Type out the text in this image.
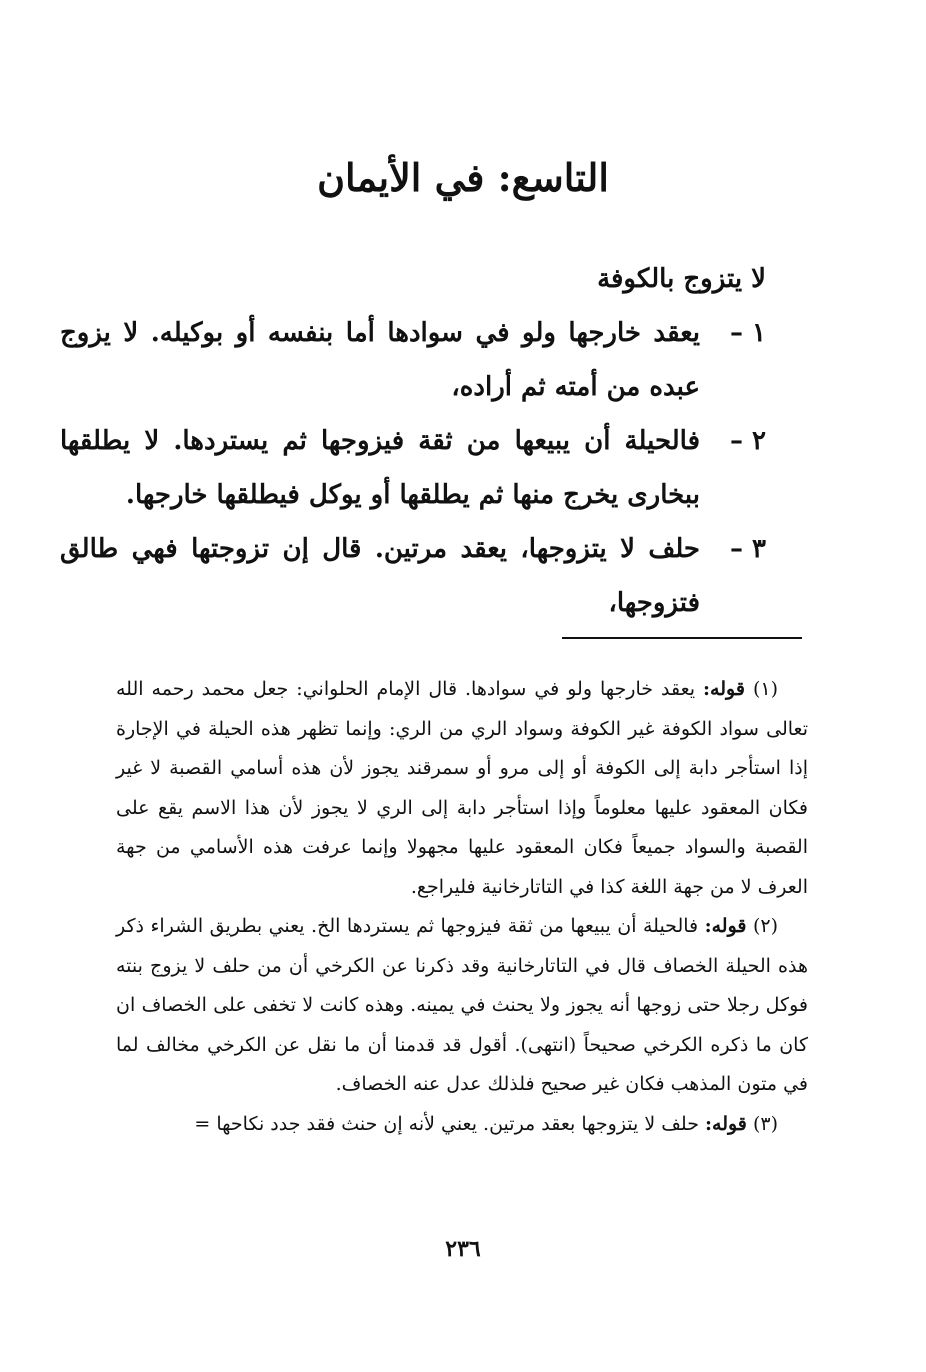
التاسع: في الأيمان

لا يتزوج بالكوفة

١ –يعقد خارجها ولو في سوادها أما بنفسه أو بوكيله. لا يزوج عبده من أمته ثم أراده،

٢ –فالحيلة أن يبيعها من ثقة فيزوجها ثم يستردها. لا يطلقها ببخارى يخرج منها ثم يطلقها أو يوكل فيطلقها خارجها.

٣ –حلف لا يتزوجها، يعقد مرتين. قال إن تزوجتها فهي طالق فتزوجها،

(١) قوله: يعقد خارجها ولو في سوادها. قال الإمام الحلواني: جعل محمد رحمه الله تعالى سواد الكوفة غير الكوفة وسواد الري من الري: وإنما تظهر هذه الحيلة في الإجارة إذا استأجر دابة إلى الكوفة أو إلى مرو أو سمرقند يجوز لأن هذه أسامي القصبة لا غير فكان المعقود عليها معلوماً وإذا استأجر دابة إلى الري لا يجوز لأن هذا الاسم يقع على القصبة والسواد جميعاً فكان المعقود عليها مجهولا وإنما عرفت هذه الأسامي من جهة العرف لا من جهة اللغة كذا في التاتارخانية فليراجع.

(٢) قوله: فالحيلة أن يبيعها من ثقة فيزوجها ثم يستردها الخ. يعني بطريق الشراء ذكر هذه الحيلة الخصاف قال في التاتارخانية وقد ذكرنا عن الكرخي أن من حلف لا يزوج بنته فوكل رجلا حتى زوجها أنه يجوز ولا يحنث في يمينه. وهذه كانت لا تخفى على الخصاف ان كان ما ذكره الكرخي صحيحاً (انتهى). أقول قد قدمنا أن ما نقل عن الكرخي مخالف لما في متون المذهب فكان غير صحيح فلذلك عدل عنه الخصاف.

(٣) قوله: حلف لا يتزوجها بعقد مرتين. يعني لأنه إن حنث فقد جدد نكاحها =

٢٣٦
